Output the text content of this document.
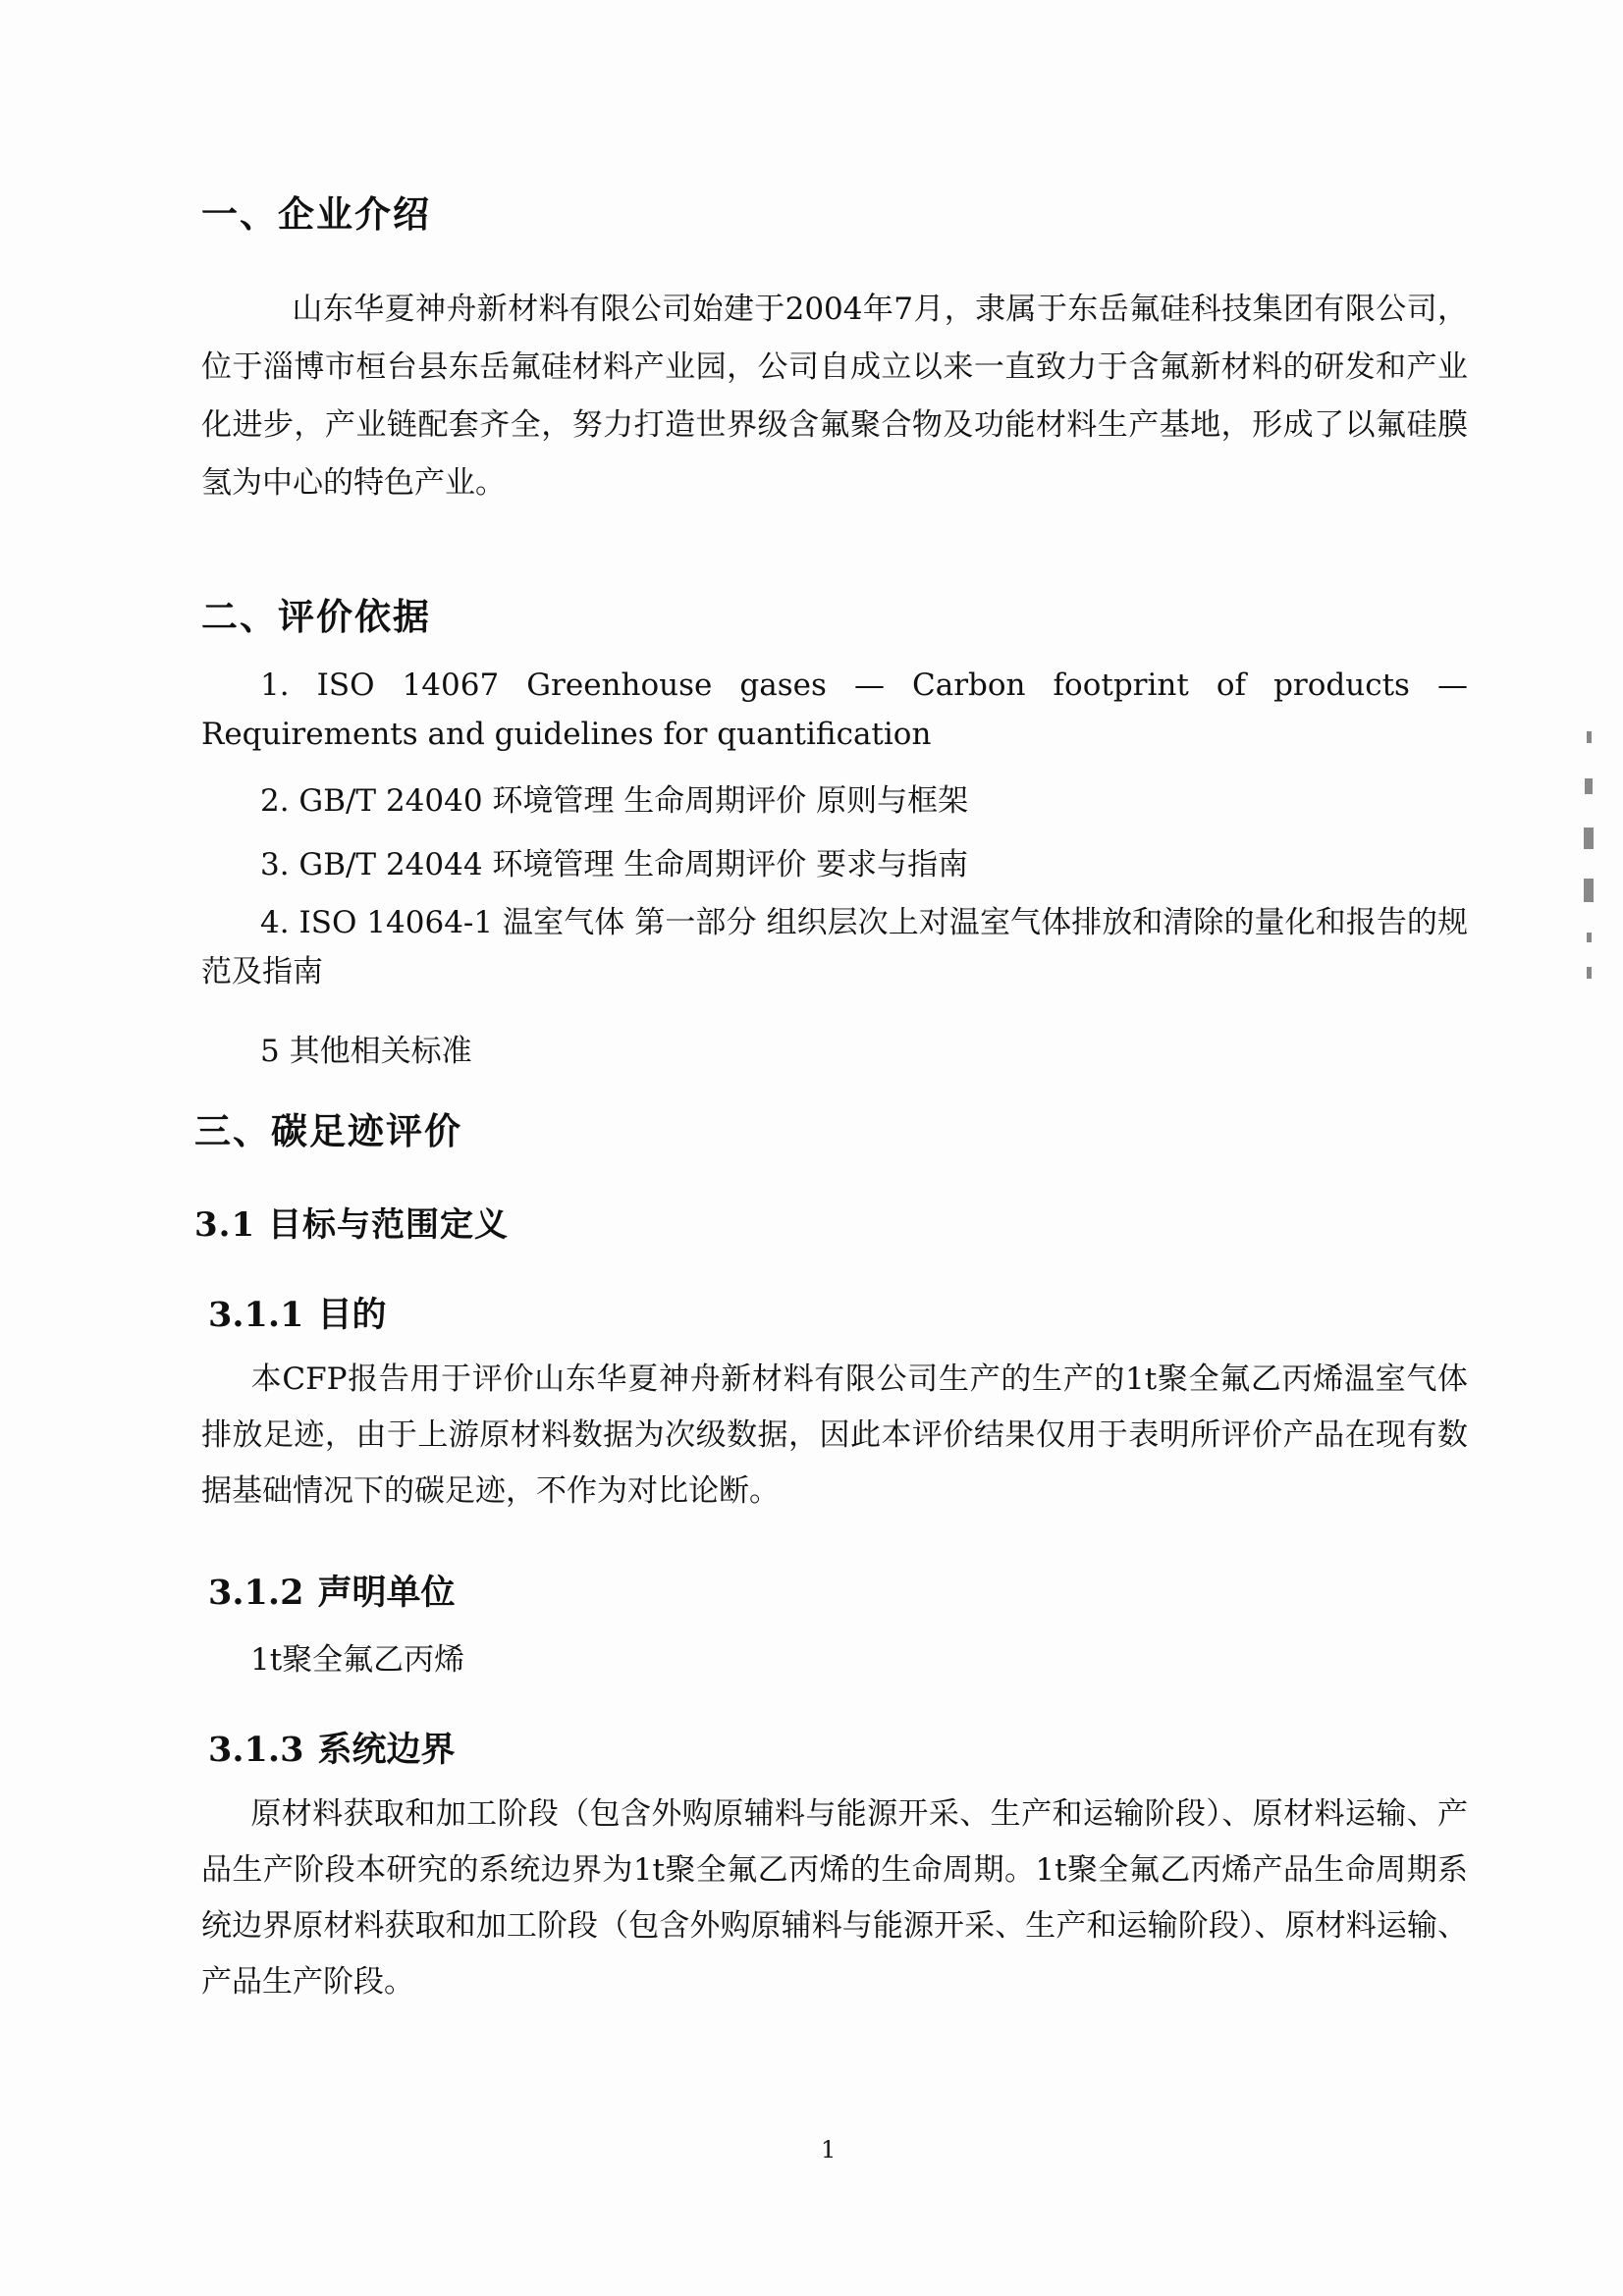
一、企业介绍

山东华夏神舟新材料有限公司始建于2004年7月，隶属于东岳氟硅科技集团有限公司，位于淄博市桓台县东岳氟硅材料产业园，公司自成立以来一直致力于含氟新材料的研发和产业化进步，产业链配套齐全，努力打造世界级含氟聚合物及功能材料生产基地，形成了以氟硅膜氢为中心的特色产业。

二、评价依据

1. ISO 14067 Greenhouse gases — Carbon footprint of products — Requirements and guidelines for quantification

2. GB/T 24040 环境管理 生命周期评价 原则与框架

3. GB/T 24044 环境管理 生命周期评价 要求与指南

4. ISO 14064-1 温室气体 第一部分 组织层次上对温室气体排放和清除的量化和报告的规范及指南

5 其他相关标准

三、碳足迹评价
3.1 目标与范围定义
3.1.1 目的

本CFP报告用于评价山东华夏神舟新材料有限公司生产的生产的1t聚全氟乙丙烯温室气体排放足迹，由于上游原材料数据为次级数据，因此本评价结果仅用于表明所评价产品在现有数据基础情况下的碳足迹，不作为对比论断。

3.1.2 声明单位

1t聚全氟乙丙烯

3.1.3 系统边界

原材料获取和加工阶段（包含外购原辅料与能源开采、生产和运输阶段）、原材料运输、产品生产阶段本研究的系统边界为1t聚全氟乙丙烯的生命周期。1t聚全氟乙丙烯产品生命周期系统边界原材料获取和加工阶段（包含外购原辅料与能源开采、生产和运输阶段）、原材料运输、产品生产阶段。

1
